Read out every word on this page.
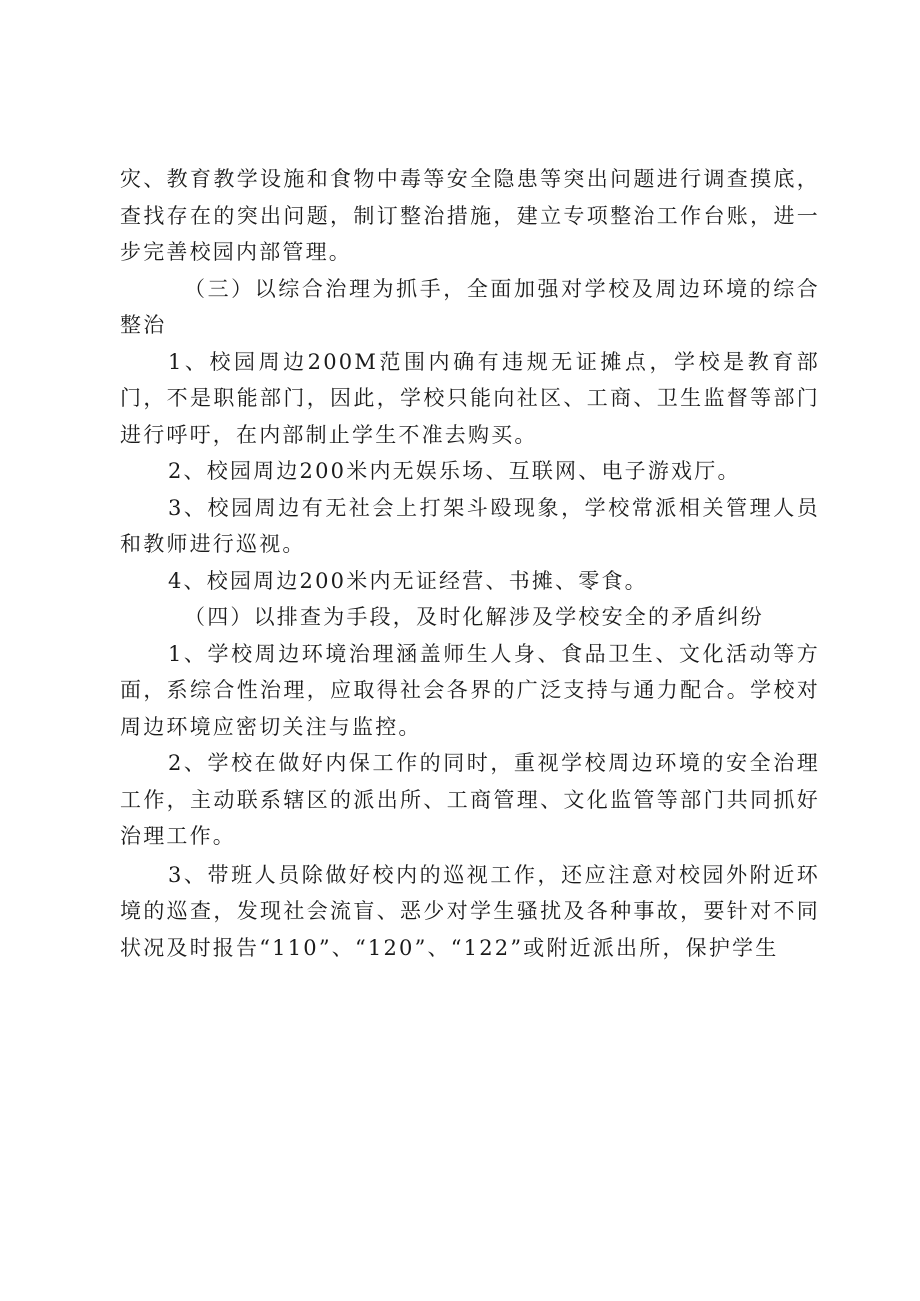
灾、教育教学设施和食物中毒等安全隐患等突出问题进行调查摸底，查找存在的突出问题，制订整治措施，建立专项整治工作台账，进一步完善校园内部管理。

（三）以综合治理为抓手，全面加强对学校及周边环境的综合整治

1、校园周边200M范围内确有违规无证摊点，学校是教育部门，不是职能部门，因此，学校只能向社区、工商、卫生监督等部门进行呼吁，在内部制止学生不准去购买。

2、校园周边200米内无娱乐场、互联网、电子游戏厅。

3、校园周边有无社会上打架斗殴现象，学校常派相关管理人员和教师进行巡视。

4、校园周边200米内无证经营、书摊、零食。

（四）以排查为手段，及时化解涉及学校安全的矛盾纠纷

1、学校周边环境治理涵盖师生人身、食品卫生、文化活动等方面，系综合性治理，应取得社会各界的广泛支持与通力配合。学校对周边环境应密切关注与监控。

2、学校在做好内保工作的同时，重视学校周边环境的安全治理工作，主动联系辖区的派出所、工商管理、文化监管等部门共同抓好治理工作。

3、带班人员除做好校内的巡视工作，还应注意对校园外附近环境的巡查，发现社会流盲、恶少对学生骚扰及各种事故，要针对不同状况及时报告“110”、“120”、“122”或附近派出所，保护学生
